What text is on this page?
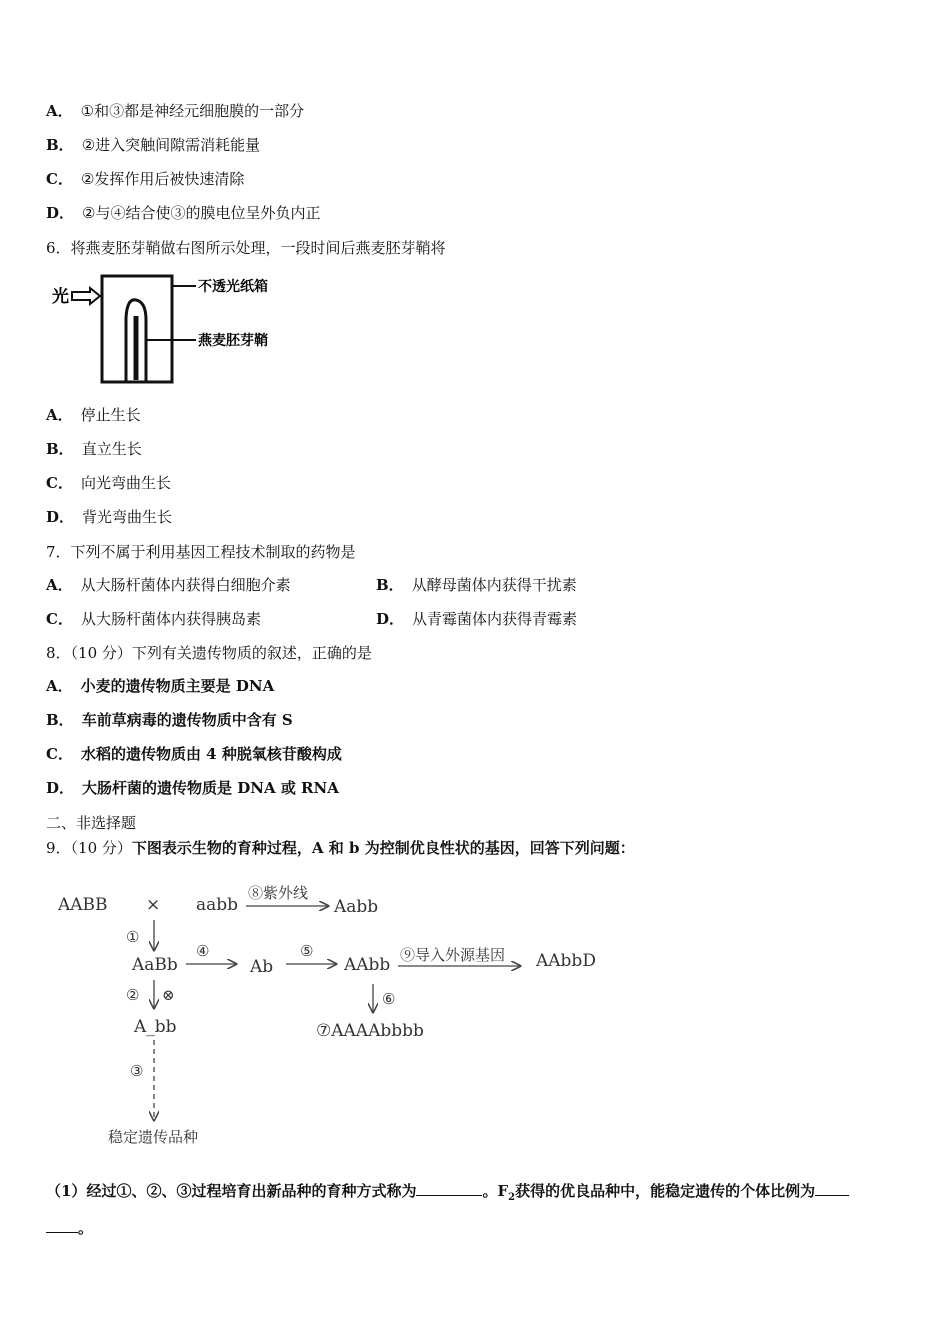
A． ①和③都是神经元细胞膜的一部分
B． ②进入突触间隙需消耗能量
C． ②发挥作用后被快速清除
D． ②与④结合使③的膜电位呈外负内正
6．将燕麦胚芽鞘做右图所示处理，一段时间后燕麦胚芽鞘将
光	不透光纸箱
燕麦胚芽鞘
A． 停止生长
B． 直立生长
C． 向光弯曲生长
D． 背光弯曲生长
7．下列不属于利用基因工程技术制取的药物是
A． 从大肠杆菌体内获得白细胞介素	B． 从酵母菌体内获得干扰素
C． 从大肠杆菌体内获得胰岛素	D． 从青霉菌体内获得青霉素
8．（10 分）下列有关遗传物质的叙述，正确的是
A． 小麦的遗传物质主要是 DNA
B． 车前草病毒的遗传物质中含有 S
C． 水稻的遗传物质由 4 种脱氧核苷酸构成
D． 大肠杆菌的遗传物质是 DNA 或 RNA
二、非选择题
9．（10 分）下图表示生物的育种过程，A 和 b 为控制优良性状的基因，回答下列问题：
AABB × aabb
⑧紫外线
Aabb
①
AaBb
④
Ab
⑤
AAbb ⑨导入外源基因 AAbbD
② ⊗	⑥
A_bb	⑦AAAAbbbb
③
稳定遗传品种
（1）经过①、②、③过程培育出新品种的育种方式称为	。$F_2$获得的优良品种中，能稳定遗传的个体比例为
。
